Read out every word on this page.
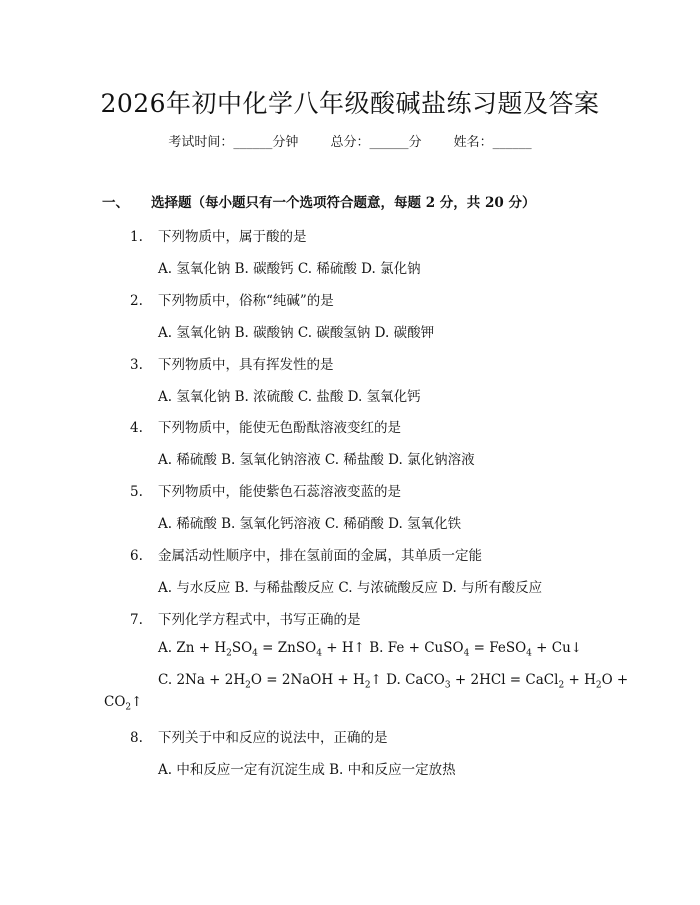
2026年初中化学八年级酸碱盐练习题及答案
考试时间：______分钟 总分：______分 姓名：______
一、 选择题（每小题只有一个选项符合题意，每题 2 分，共 20 分）
1. 下列物质中，属于酸的是
A. 氢氧化钠 B. 碳酸钙 C. 稀硫酸 D. 氯化钠
2. 下列物质中，俗称“纯碱”的是
A. 氢氧化钠 B. 碳酸钠 C. 碳酸氢钠 D. 碳酸钾
3. 下列物质中，具有挥发性的是
A. 氢氧化钠 B. 浓硫酸 C. 盐酸 D. 氢氧化钙
4. 下列物质中，能使无色酚酞溶液变红的是
A. 稀硫酸 B. 氢氧化钠溶液 C. 稀盐酸 D. 氯化钠溶液
5. 下列物质中，能使紫色石蕊溶液变蓝的是
A. 稀硫酸 B. 氢氧化钙溶液 C. 稀硝酸 D. 氢氧化铁
6. 金属活动性顺序中，排在氢前面的金属，其单质一定能
A. 与水反应 B. 与稀盐酸反应 C. 与浓硫酸反应 D. 与所有酸反应
7. 下列化学方程式中，书写正确的是
A. $Zn + H_2SO_4$ = ZnSO$_4$ + H↑ B. Fe + CuSO$_4$ = FeSO$_4$ + Cu↓
C. $2Na + 2H_2O$ = 2NaOH + $H_2↑$ D. CaCO$_3$ + 2HCl = CaCl$_2$ + $H_2O$ +
$CO_2↑$
8. 下列关于中和反应的说法中，正确的是
A. 中和反应一定有沉淀生成 B. 中和反应一定放热
